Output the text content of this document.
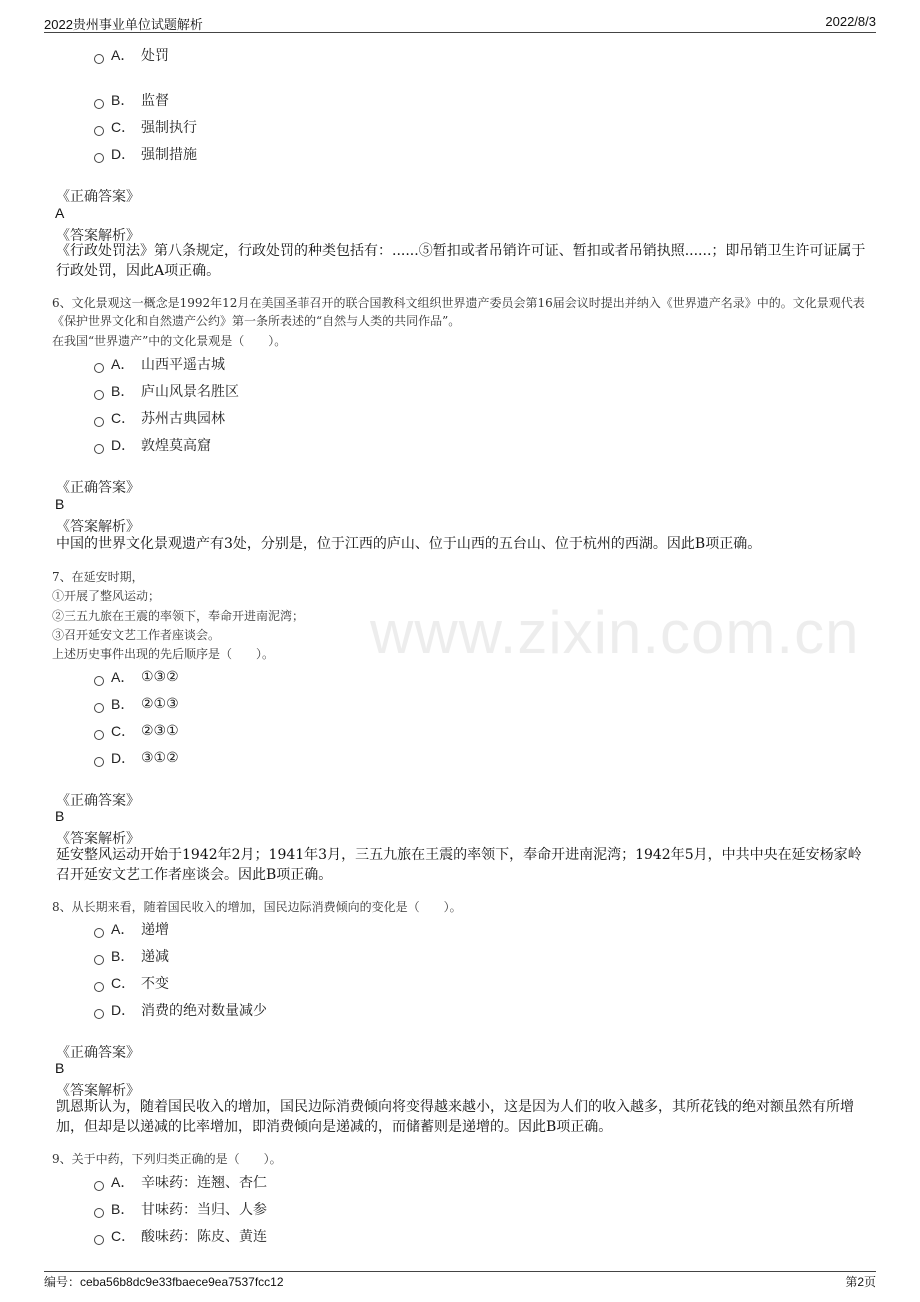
2022贵州事业单位试题解析	2022/8/3
www.zixin.com.cn
A． 处罚
B． 监督
C． 强制执行
D． 强制措施
《正确答案》
A
《答案解析》
《行政处罚法》第八条规定，行政处罚的种类包括有：......⑤暂扣或者吊销许可证、暂扣或者吊销执照......；即吊销卫生许可证属于行政处罚，因此A项正确。
6、文化景观这一概念是1992年12月在美国圣菲召开的联合国教科文组织世界遗产委员会第16届会议时提出并纳入《世界遗产名录》中的。文化景观代表《保护世界文化和自然遗产公约》第一条所表述的“自然与人类的共同作品”。
在我国“世界遗产”中的文化景观是（　　）。
A． 山西平遥古城
B． 庐山风景名胜区
C． 苏州古典园林
D． 敦煌莫高窟
《正确答案》
B
《答案解析》
中国的世界文化景观遗产有3处，分别是，位于江西的庐山、位于山西的五台山、位于杭州的西湖。因此B项正确。
7、在延安时期，
①开展了整风运动；
②三五九旅在王震的率领下，奉命开进南泥湾；
③召开延安文艺工作者座谈会。
上述历史事件出现的先后顺序是（　　）。
A． ①③②
B． ②①③
C． ②③①
D． ③①②
《正确答案》
B
《答案解析》
延安整风运动开始于1942年2月；1941年3月，三五九旅在王震的率领下，奉命开进南泥湾；1942年5月，中共中央在延安杨家岭召开延安文艺工作者座谈会。因此B项正确。
8、从长期来看，随着国民收入的增加，国民边际消费倾向的变化是（　　）。
A． 递增
B． 递减
C． 不变
D． 消费的绝对数量减少
《正确答案》
B
《答案解析》
凯恩斯认为，随着国民收入的增加，国民边际消费倾向将变得越来越小，这是因为人们的收入越多，其所花钱的绝对额虽然有所增加，但却是以递减的比率增加，即消费倾向是递减的，而储蓄则是递增的。因此B项正确。
9、关于中药，下列归类正确的是（　　）。
A． 辛味药：连翘、杏仁
B． 甘味药：当归、人参
C． 酸味药：陈皮、黄连
编号：ceba56b8dc9e33fbaece9ea7537fcc12	第2页
